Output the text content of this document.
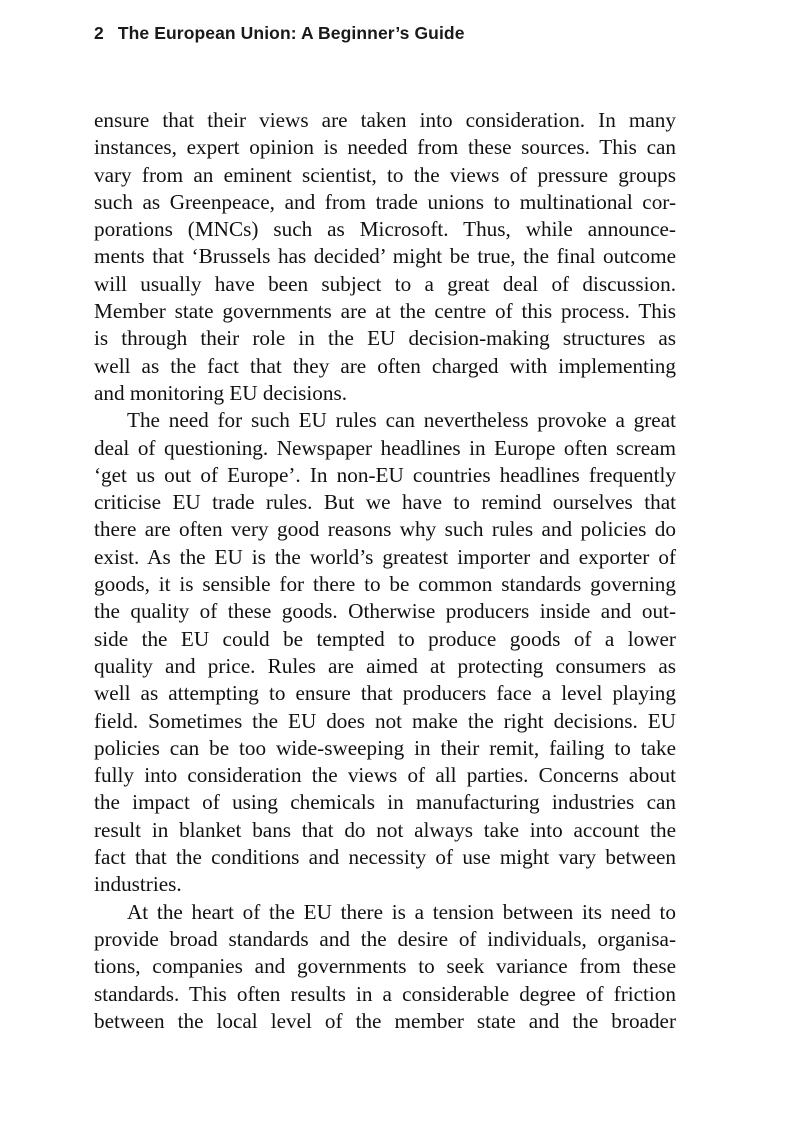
2 The European Union: A Beginner’s Guide
ensure that their views are taken into consideration. In many
instances, expert opinion is needed from these sources. This can
vary from an eminent scientist, to the views of pressure groups
such as Greenpeace, and from trade unions to multinational cor-
porations (MNCs) such as Microsoft. Thus, while announce-
ments that ‘Brussels has decided’ might be true, the final outcome
will usually have been subject to a great deal of discussion.
Member state governments are at the centre of this process. This
is through their role in the EU decision-making structures as
well as the fact that they are often charged with implementing
and monitoring EU decisions.
The need for such EU rules can nevertheless provoke a great
deal of questioning. Newspaper headlines in Europe often scream
‘get us out of Europe’. In non-EU countries headlines frequently
criticise EU trade rules. But we have to remind ourselves that
there are often very good reasons why such rules and policies do
exist. As the EU is the world’s greatest importer and exporter of
goods, it is sensible for there to be common standards governing
the quality of these goods. Otherwise producers inside and out-
side the EU could be tempted to produce goods of a lower
quality and price. Rules are aimed at protecting consumers as
well as attempting to ensure that producers face a level playing
field. Sometimes the EU does not make the right decisions. EU
policies can be too wide-sweeping in their remit, failing to take
fully into consideration the views of all parties. Concerns about
the impact of using chemicals in manufacturing industries can
result in blanket bans that do not always take into account the
fact that the conditions and necessity of use might vary between
industries.
At the heart of the EU there is a tension between its need to
provide broad standards and the desire of individuals, organisa-
tions, companies and governments to seek variance from these
standards. This often results in a considerable degree of friction
between the local level of the member state and the broader
